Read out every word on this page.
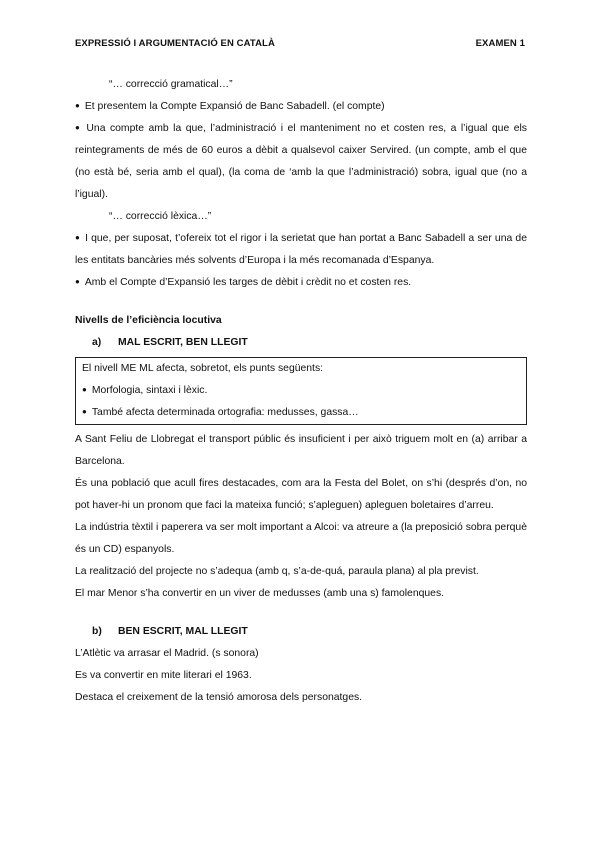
EXPRESSIÓ I ARGUMENTACIÓ EN CATALÀ	EXAMEN 1

“… correcció gramatical…”

● Et presentem la Compte Expansió de Banc Sabadell. (el compte)

● Una compte amb la que, l’administració i el manteniment no et costen res, a l’igual que els reintegraments de més de 60 euros a dèbit a qualsevol caixer Servired. (un compte, amb el que (no està bé, seria amb el qual), (la coma de ‘amb la que l’administració) sobra, igual que (no a l’igual).

“… correcció lèxica…”

● I que, per suposat, t’ofereix tot el rigor i la serietat que han portat a Banc Sabadell a ser una de les entitats bancàries més solvents d’Europa i la més recomanada d’Espanya.

● Amb el Compte d’Expansió les targes de dèbit i crèdit no et costen res.

Nivells de l’eficiència locutiva

a) MAL ESCRIT, BEN LLEGIT

El nivell ME ML afecta, sobretot, els punts següents:

● Morfologia, sintaxi i lèxic.

● També afecta determinada ortografia: medusses, gassa…

A Sant Feliu de Llobregat el transport públic és insuficient i per això triguem molt en (a) arribar a Barcelona.

És una població que acull fires destacades, com ara la Festa del Bolet, on s’hi (després d’on, no pot haver-hi un pronom que faci la mateixa funció; s’apleguen) apleguen boletaires d’arreu.

La indústria tèxtil i paperera va ser molt important a Alcoi: va atreure a (la preposició sobra perquè és un CD) espanyols.

La realització del projecte no s’adequa (amb q, s’a-de-quá, paraula plana) al pla previst.

El mar Menor s’ha convertir en un viver de medusses (amb una s) famolenques.

b) BEN ESCRIT, MAL LLEGIT

L’Atlètic va arrasar el Madrid. (s sonora)

Es va convertir en mite literari el 1963.

Destaca el creixement de la tensió amorosa dels personatges.
